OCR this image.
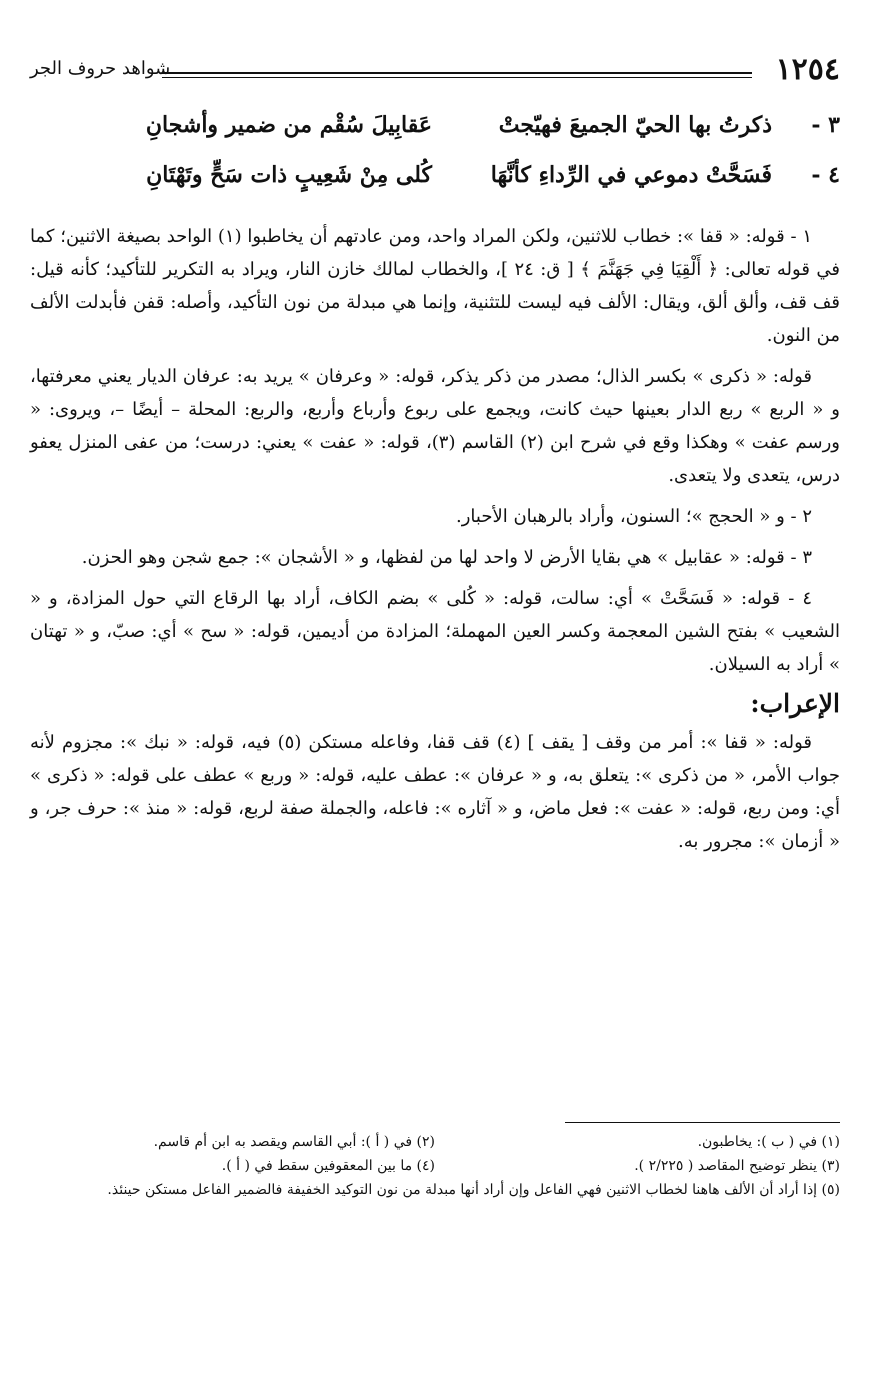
١٢٥٤
شواهد حروف الجر
٣ -
ذكرتُ بها الحيّ الجميعَ فهيّجتْ
عَقابِيلَ سُقْم من ضمير وأشجانِ
٤ -
فَسَحَّتْ دموعي في الرِّداءِ كأنَّهَا
كُلى مِنْ شَعِيبٍ ذات سَحٍّ وتَهْتَانِ

١ - قوله: « قفا »: خطاب للاثنين، ولكن المراد واحد، ومن عادتهم أن يخاطبوا (١) الواحد بصيغة الاثنين؛ كما في قوله تعالى: ﴿ أَلْقِيَا فِي جَهَنَّمَ ﴾ [ ق: ٢٤ ]، والخطاب لمالك خازن النار، ويراد به التكرير للتأكيد؛ كأنه قيل: قف قف، وألق ألق، ويقال: الألف فيه ليست للتثنية، وإنما هي مبدلة من نون التأكيد، وأصله: قفن فأبدلت الألف من النون.

قوله: « ذكرى » بكسر الذال؛ مصدر من ذكر يذكر، قوله: « وعرفان » يريد به: عرفان الديار يعني معرفتها، و « الربع » ربع الدار بعينها حيث كانت، ويجمع على ربوع وأرباع وأربع، والربع: المحلة – أيضًا –، ويروى: « ورسم عفت » وهكذا وقع في شرح ابن (٢) القاسم (٣)، قوله: « عفت » يعني: درست؛ من عفى المنزل يعفو درس، يتعدى ولا يتعدى.

٢ - و « الحجج »؛ السنون، وأراد بالرهبان الأحبار.

٣ - قوله: « عقابيل » هي بقايا الأرض لا واحد لها من لفظها، و « الأشجان »: جمع شجن وهو الحزن.

٤ - قوله: « فَسَحَّتْ » أي: سالت، قوله: « كُلى » بضم الكاف، أراد بها الرقاع التي حول المزادة، و « الشعيب » بفتح الشين المعجمة وكسر العين المهملة؛ المزادة من أديمين، قوله: « سح » أي: صبّ، و « تهتان » أراد به السيلان.

الإعراب:

قوله: « قفا »: أمر من وقف [ يقف ] (٤) قف قفا، وفاعله مستكن (٥) فيه، قوله: « نبك »: مجزوم لأنه جواب الأمر، « من ذكرى »: يتعلق به، و « عرفان »: عطف عليه، قوله: « وربع » عطف على قوله: « ذكرى » أي: ومن ربع، قوله: « عفت »: فعل ماض، و « آثاره »: فاعله، والجملة صفة لربع، قوله: « منذ »: حرف جر، و « أزمان »: مجرور به.

(١) في ( ب ): يخاطبون.
(٢) في ( أ ): أبي القاسم ويقصد به ابن أم قاسم.
(٣) ينظر توضيح المقاصد ( ٢/٢٢٥ ).
(٤) ما بين المعقوفين سقط في ( أ ).
(٥) إذا أراد أن الألف هاهنا لخطاب الاثنين فهي الفاعل وإن أراد أنها مبدلة من نون التوكيد الخفيفة فالضمير الفاعل مستكن حينئذ.
